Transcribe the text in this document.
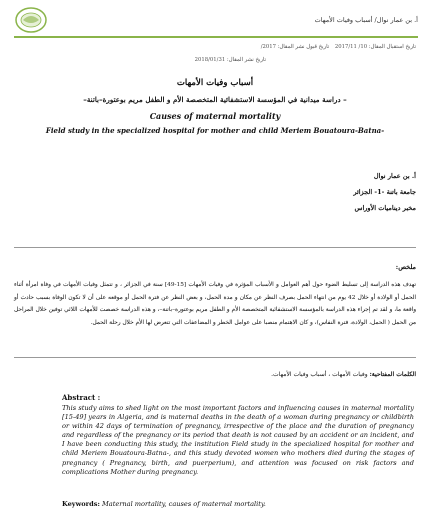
أ. بن عمار نوال/ أسباب وفيات الأمهات
تاريخ استقبال المقال: 10/ 2017/11 تاريخ قبول نشر المقال: 2017/
تاريخ نشر المقال: 2018/01/31
أسباب وفيات الأمهات
– دراسة ميدانية في المؤسسة الاستشفائية المتخصصة الأم و الطفل مريم بوعتورة–باتنة–
Causes of maternal mortality
Field study in the specialized hospital for mother and child Meriem Bouatoura-Batna-
أ. بن عمار نوال
جامعة باتنة -1- الجزائر
مخبر ديناميات الأوراس
ملخص:
تهدف هذه الدراسة إلى تسليط الضوء حول أهم العوامل و الأسباب المؤثرة في وفيات الأمهات [15-49] سنة في الجزائر ، و تتمثل وفيات الأمهات في وفاة امرأة أثناء الحمل أو الولادة أو خلال 42 يوم من انتهاء الحمل بصرف النظر عن مكان و مدة الحمل، و بعض النظر عن فترة الحمل أو موقعه على أن لا تكون الوفاة بسبب حادث أو واقعة ما، و لقد تم إجراء هذه الدراسة بالمؤسسة الاستشفائية المتخصصة الأم و الطفل مريم بوعتورة–باتنة–، و هذه الدراسة خصصت للأمهات اللائي توفين خلال المراحل من الحمل ( الحمل، الولادة، فترة النفاس)، و كان الاهتمام منصبا على عوامل الخطر و المضاعفات التي تتعرض لها الأم خلال رحلة الحمل.
الكلمات المفتاحية: وفيات الأمهات ، أسباب وفيات الأمهات.
Abstract :
This study aims to shed light on the most important factors and influencing causes in maternal mortality [15-49] years in Algeria, and is maternal deaths in the death of a woman during pregnancy or childbirth or within 42 days of termination of pregnancy, irrespective of the place and the duration of pregnancy and regardless of the pregnancy or its period that death is not caused by an accident or an incident, and I have been conducting this study, the institution Field study in the specialized hospital for mother and child Meriem Bouatoura-Batna-, and this study devoted women who mothers died during the stages of pregnancy ( Pregnancy, birth, and puerperium), and attention was focused on risk factors and complications Mother during pregnancy.
Keywords: Maternal mortality, causes of maternal mortality.
